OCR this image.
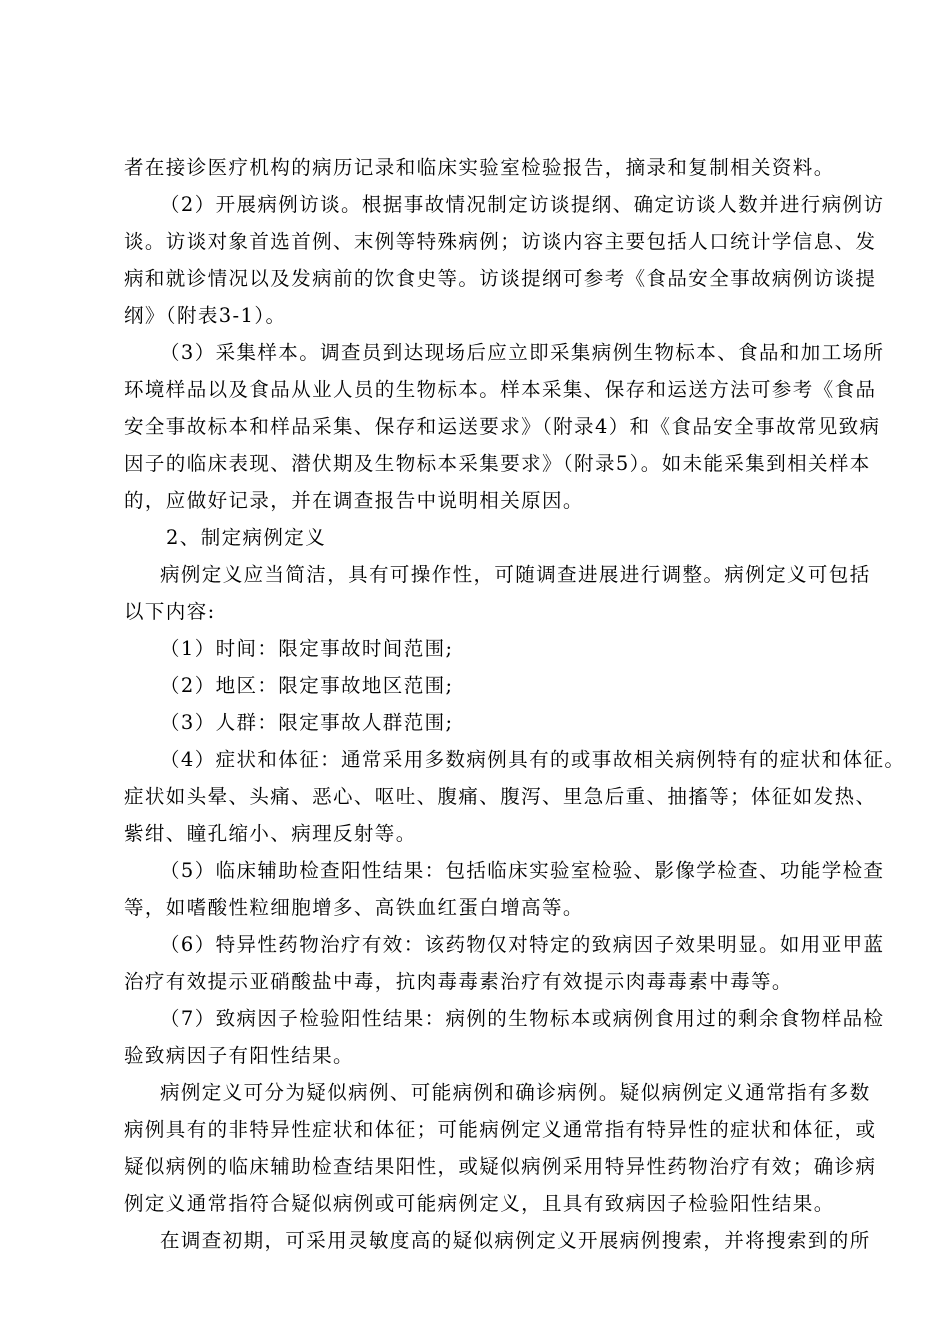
者在接诊医疗机构的病历记录和临床实验室检验报告，摘录和复制相关资料。
（2）开展病例访谈。根据事故情况制定访谈提纲、确定访谈人数并进行病例访
谈。访谈对象首选首例、末例等特殊病例；访谈内容主要包括人口统计学信息、发
病和就诊情况以及发病前的饮食史等。访谈提纲可参考《食品安全事故病例访谈提
纲》（附表3-1）。
（3）采集样本。调查员到达现场后应立即采集病例生物标本、食品和加工场所
环境样品以及食品从业人员的生物标本。样本采集、保存和运送方法可参考《食品
安全事故标本和样品采集、保存和运送要求》（附录4）和《食品安全事故常见致病
因子的临床表现、潜伏期及生物标本采集要求》（附录5）。如未能采集到相关样本
的，应做好记录，并在调查报告中说明相关原因。
2、制定病例定义
病例定义应当简洁，具有可操作性，可随调查进展进行调整。病例定义可包括
以下内容:
（1）时间：限定事故时间范围;
（2）地区：限定事故地区范围;
（3）人群：限定事故人群范围;
（4）症状和体征：通常采用多数病例具有的或事故相关病例特有的症状和体征。
症状如头晕、头痛、恶心、呕吐、腹痛、腹泻、里急后重、抽搐等；体征如发热、
紫绀、瞳孔缩小、病理反射等。
（5）临床辅助检查阳性结果：包括临床实验室检验、影像学检查、功能学检查
等，如嗜酸性粒细胞增多、高铁血红蛋白增高等。
（6）特异性药物治疗有效：该药物仅对特定的致病因子效果明显。如用亚甲蓝
治疗有效提示亚硝酸盐中毒，抗肉毒毒素治疗有效提示肉毒毒素中毒等。
（7）致病因子检验阳性结果：病例的生物标本或病例食用过的剩余食物样品检
验致病因子有阳性结果。
病例定义可分为疑似病例、可能病例和确诊病例。疑似病例定义通常指有多数
病例具有的非特异性症状和体征；可能病例定义通常指有特异性的症状和体征，或
疑似病例的临床辅助检查结果阳性，或疑似病例采用特异性药物治疗有效；确诊病
例定义通常指符合疑似病例或可能病例定义，且具有致病因子检验阳性结果。
在调查初期，可采用灵敏度高的疑似病例定义开展病例搜索，并将搜索到的所
